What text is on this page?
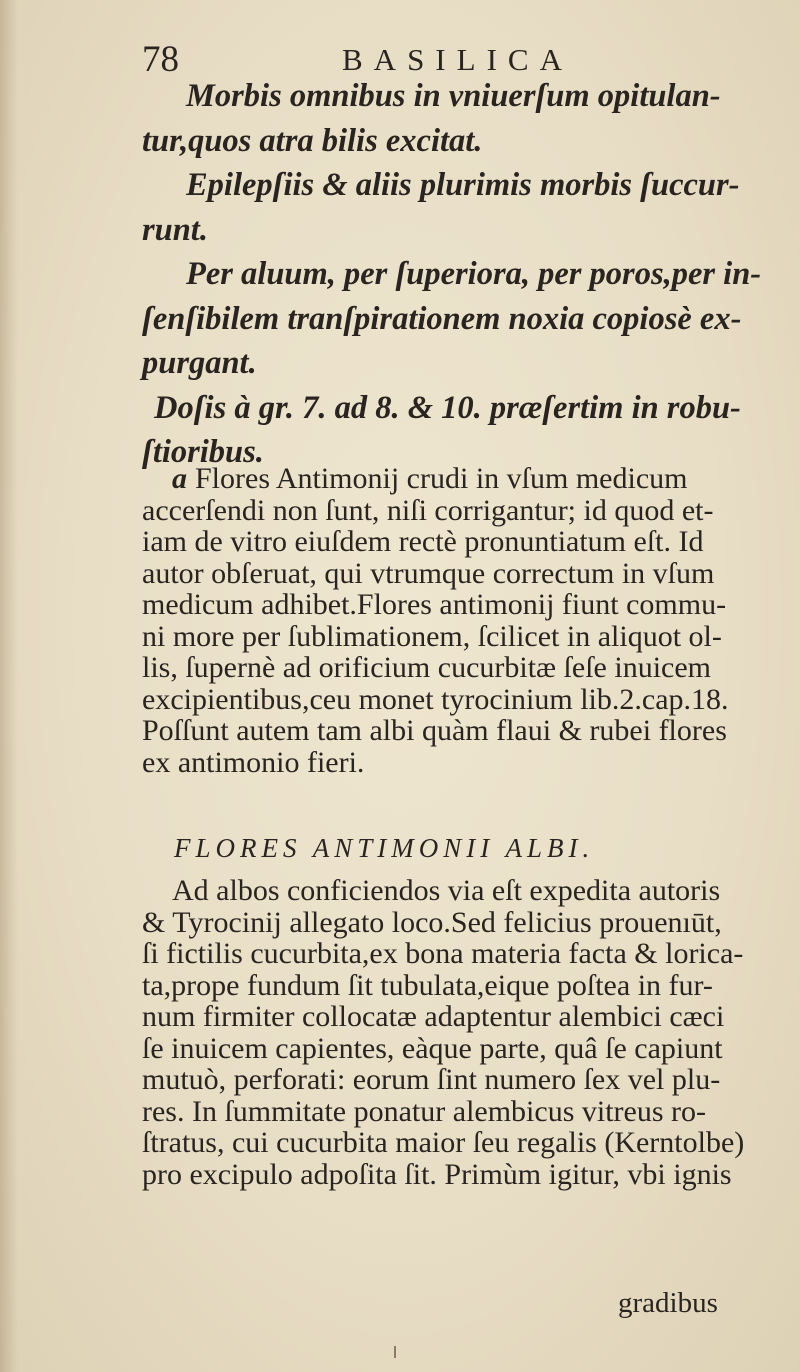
78	BASILICA
Morbis omnibus in vniuerſum opitulan-
tur,quos atra bilis excitat.
Epilepſiis & aliis plurimis morbis ſuccur-
runt.
Per aluum, per ſuperiora, per poros,per in-
ſenſibilem tranſpirationem noxia copiosè ex-
purgant.
Doſis à gr. 7. ad 8. & 10. præſertim in robu-
ſtioribus.
a Flores Antimonij crudi in vſum medicum
accerſendi non ſunt, niſi corrigantur; id quod et-
iam de vitro eiuſdem rectè pronuntiatum eſt. Id
autor obſeruat, qui vtrumque correctum in vſum
medicum adhibet.Flores antimonij fiunt commu-
ni more per ſublimationem, ſcilicet in aliquot ol-
lis, ſupernè ad orificium cucurbitæ ſeſe inuicem
excipientibus,ceu monet tyrocinium lib.2.cap.18.
Poſſunt autem tam albi quàm flaui & rubei flores
ex antimonio fieri.
FLORES ANTIMONII ALBI.
Ad albos conficiendos via eſt expedita autoris
& Tyrocinij allegato loco.Sed felicius prouenıūt,
ſi fictilis cucurbita,ex bona materia facta & lorica-
ta,prope fundum ſit tubulata,eique poſtea in fur-
num firmiter collocatæ adaptentur alembici cæci
ſe inuicem capientes, eàque parte, quâ ſe capiunt
mutuò, perforati: eorum ſint numero ſex vel plu-
res. In ſummitate ponatur alembicus vitreus ro-
ſtratus, cui cucurbita maior ſeu regalis (Kerntolbe)
pro excipulo adpoſita ſit. Primùm igitur, vbi ignis
gradibus
